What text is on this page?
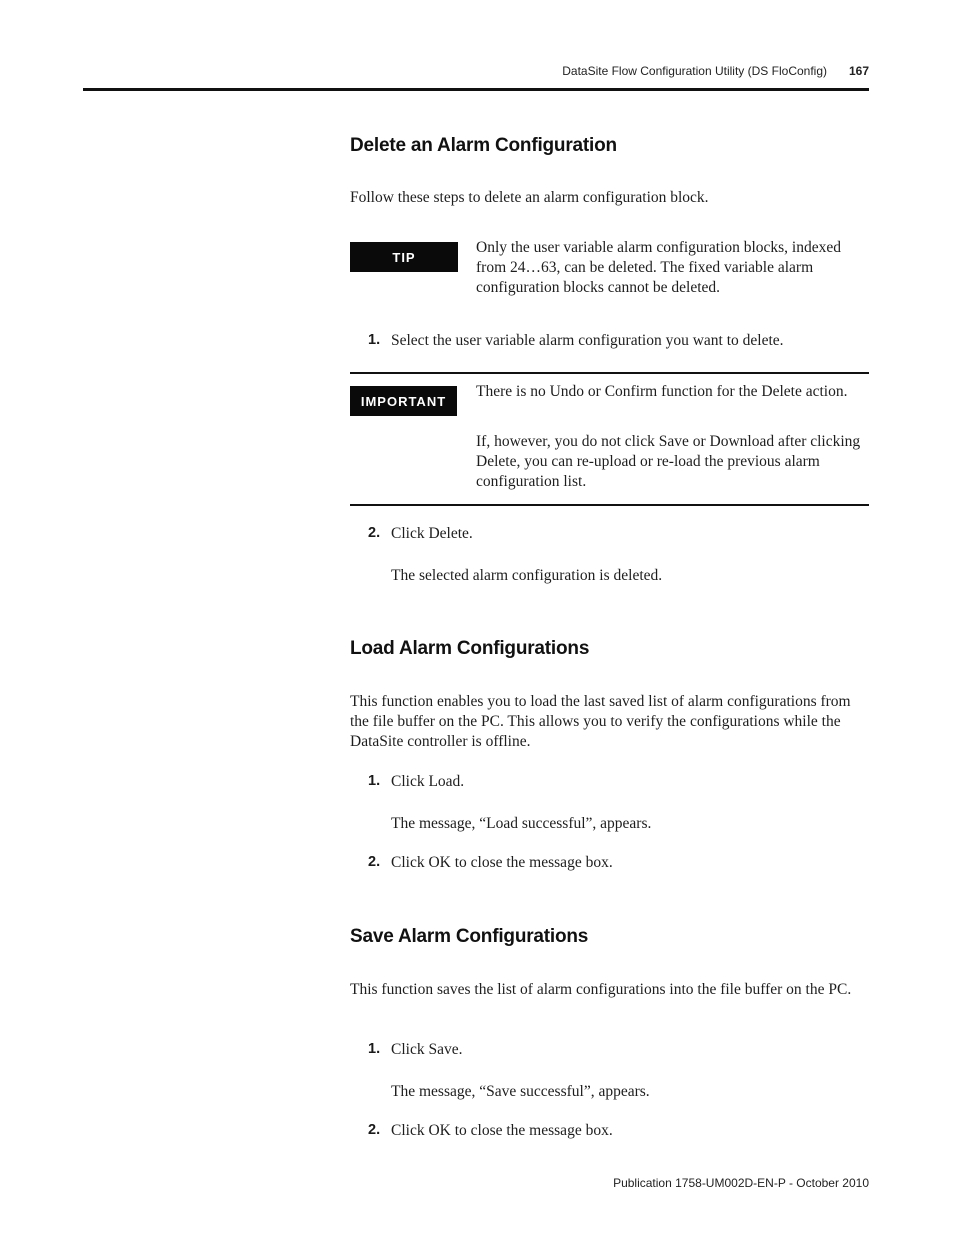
DataSite Flow Configuration Utility (DS FloConfig)	167
Delete an Alarm Configuration
Follow these steps to delete an alarm configuration block.
TIP
Only the user variable alarm configuration blocks, indexed from 24…63, can be deleted. The fixed variable alarm configuration blocks cannot be deleted.
1. Select the user variable alarm configuration you want to delete.
IMPORTANT
There is no Undo or Confirm function for the Delete action.
If, however, you do not click Save or Download after clicking Delete, you can re-upload or re-load the previous alarm configuration list.
2. Click Delete.
The selected alarm configuration is deleted.
Load Alarm Configurations
This function enables you to load the last saved list of alarm configurations from the file buffer on the PC. This allows you to verify the configurations while the DataSite controller is offline.
1. Click Load.
The message, “Load successful”, appears.
2. Click OK to close the message box.
Save Alarm Configurations
This function saves the list of alarm configurations into the file buffer on the PC.
1. Click Save.
The message, “Save successful”, appears.
2. Click OK to close the message box.
Publication 1758-UM002D-EN-P - October 2010
